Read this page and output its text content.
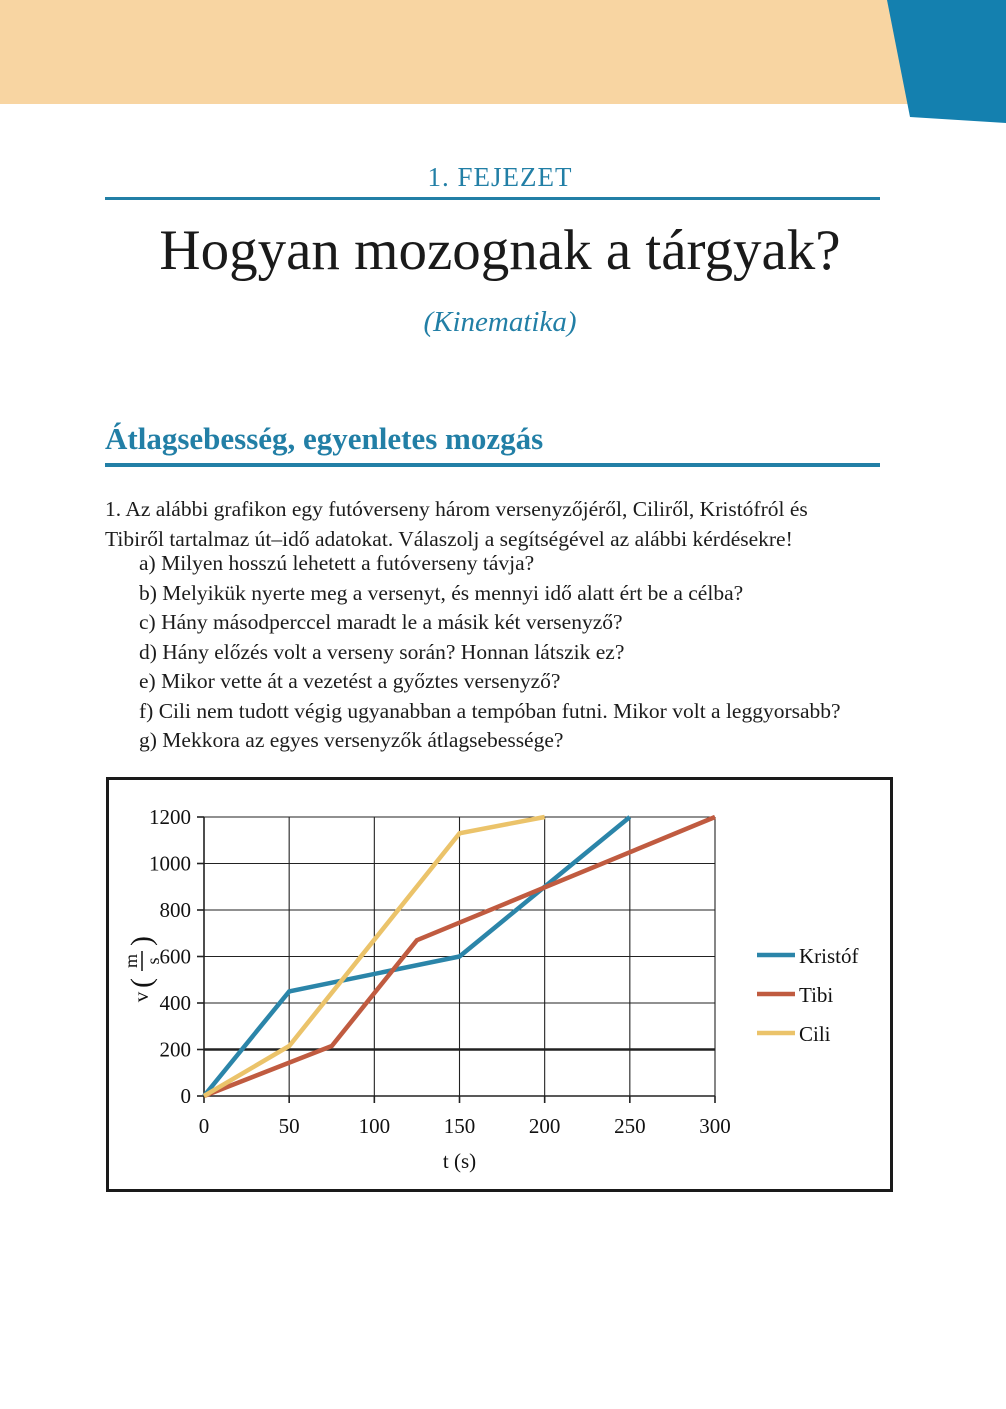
1. FEJEZET
Hogyan mozognak a tárgyak?
(Kinematika)
Átlagsebesség, egyenletes mozgás
1. Az alábbi grafikon egy futóverseny három versenyzőjéről, Ciliről, Kristófról és
Tibiről tartalmaz út–idő adatokat. Válaszolj a segítségével az alábbi kérdésekre!
a) Milyen hosszú lehetett a futóverseny távja?
b) Melyikük nyerte meg a versenyt, és mennyi idő alatt ért be a célba?
c) Hány másodperccel maradt le a másik két versenyző?
d) Hány előzés volt a verseny során? Honnan látszik ez?
e) Mikor vette át a vezetést a győztes versenyző?
f) Cili nem tudott végig ugyanabban a tempóban futni. Mikor volt a leggyorsabb?
g) Mekkora az egyes versenyzők átlagsebessége?
0	50	100	150	200	250	300
0
200
400
600
800
1000
1200
t (s)
v
(
m s
)
Kristóf
Tibi
Cili
